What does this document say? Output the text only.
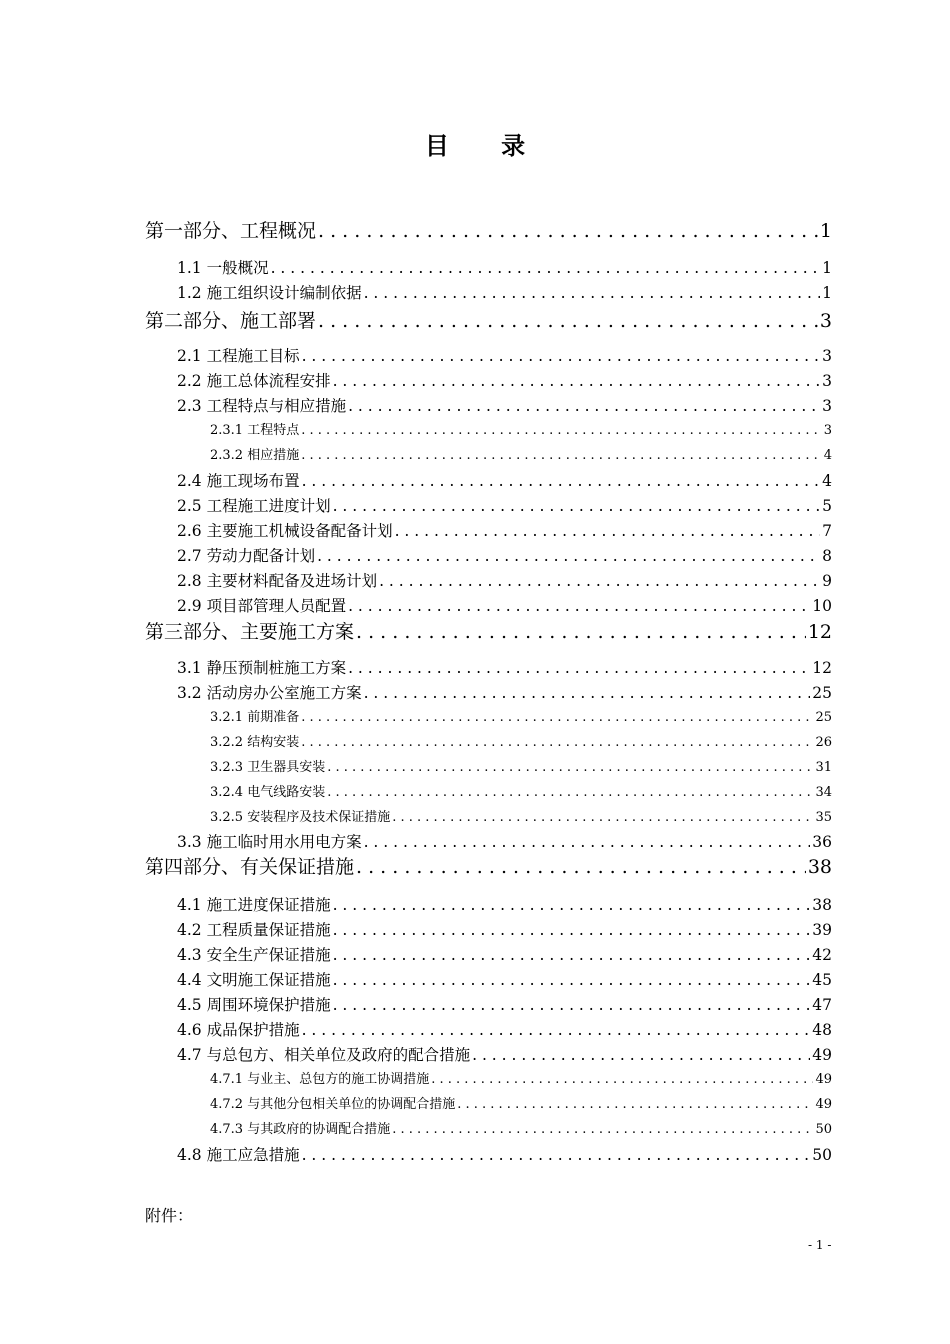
目 录
第一部分、工程概况 . . .	1
1.1 一般概况 . . .	1
1.2 施工组织设计编制依据 . . .	1
第二部分、施工部署 . . .	3
2.1 工程施工目标 . . .	3
2.2 施工总体流程安排 . . .	3
2.3 工程特点与相应措施 . . .	3
2.3.1 工程特点 . . .	3
2.3.2 相应措施 . . .	4
2.4 施工现场布置 . . .	4
2.5 工程施工进度计划 . . .	5
2.6 主要施工机械设备配备计划 . . .	7
2.7 劳动力配备计划 . . .	8
2.8 主要材料配备及进场计划 . . .	9
2.9 项目部管理人员配置 . . .	10
第三部分、主要施工方案 . . .	12
3.1 静压预制桩施工方案 . . .	12
3.2 活动房办公室施工方案 . . .	25
3.2.1 前期准备 . . .	25
3.2.2 结构安装 . . .	26
3.2.3 卫生器具安装 . . .	31
3.2.4 电气线路安装 . . .	34
3.2.5 安装程序及技术保证措施 . . .	35
3.3 施工临时用水用电方案 . . .	36
第四部分、有关保证措施 . . .	38
4.1 施工进度保证措施 . . .	38
4.2 工程质量保证措施 . . .	39
4.3 安全生产保证措施 . . .	42
4.4 文明施工保证措施 . . .	45
4.5 周围环境保护措施 . . .	47
4.6 成品保护措施 . . .	48
4.7 与总包方、相关单位及政府的配合措施 . . .	49
4.7.1 与业主、总包方的施工协调措施 . . .	49
4.7.2 与其他分包相关单位的协调配合措施 . . .	49
4.7.3 与其政府的协调配合措施 . . .	50
4.8 施工应急措施 . . .	50
附件：
- 1 -
